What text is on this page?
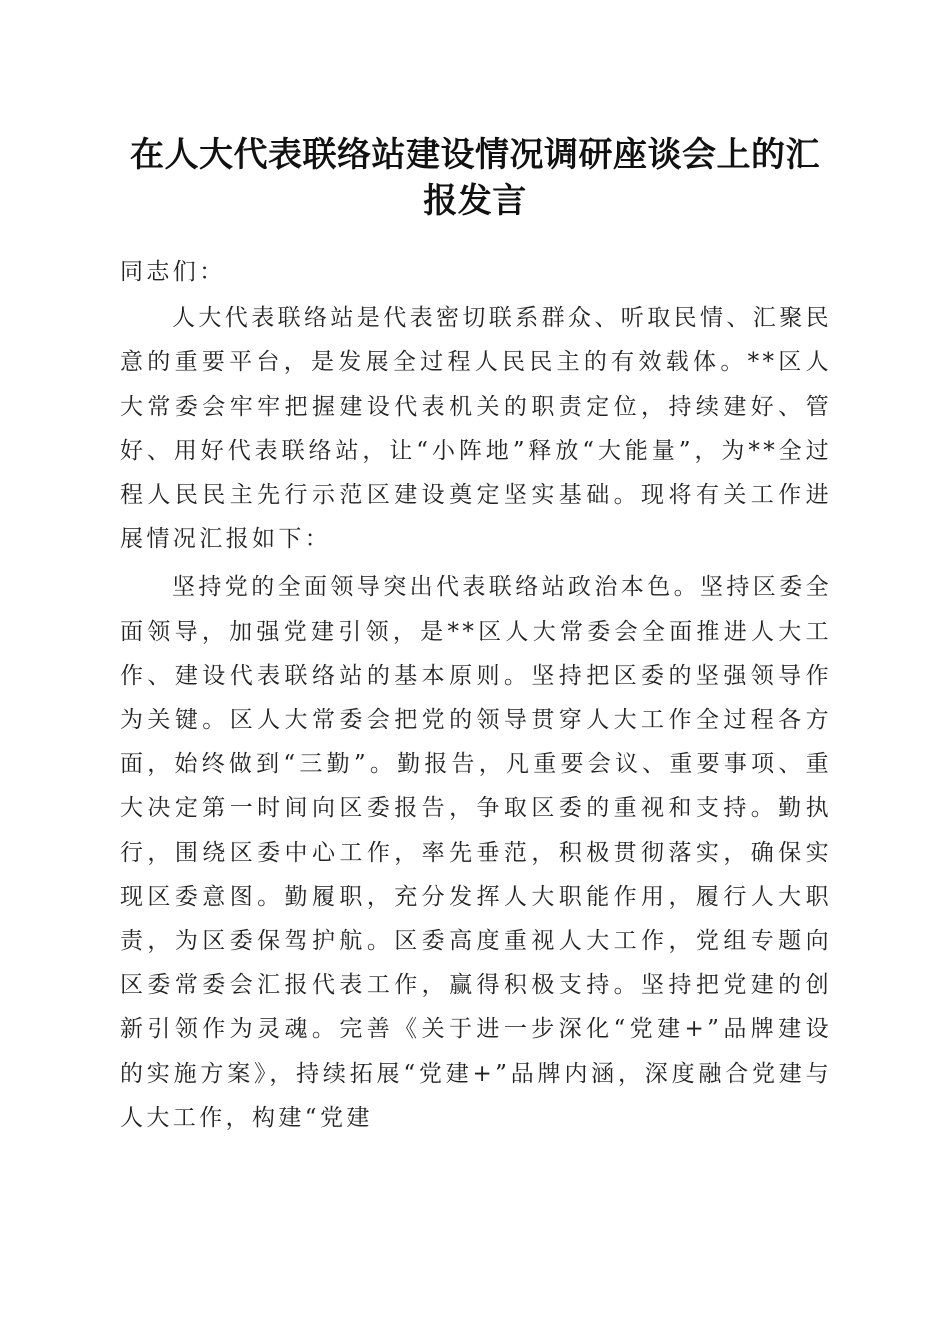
在人大代表联络站建设情况调研座谈会上的汇
报发言

同志们：

人大代表联络站是代表密切联系群众、听取民情、汇聚民意的重要平台，是发展全过程人民民主的有效载体。**区人大常委会牢牢把握建设代表机关的职责定位，持续建好、管好、用好代表联络站，让“小阵地”释放“大能量”，为**全过程人民民主先行示范区建设奠定坚实基础。现将有关工作进展情况汇报如下：

坚持党的全面领导突出代表联络站政治本色。坚持区委全面领导，加强党建引领，是**区人大常委会全面推进人大工作、建设代表联络站的基本原则。坚持把区委的坚强领导作为关键。区人大常委会把党的领导贯穿人大工作全过程各方面，始终做到“三勤”。勤报告，凡重要会议、重要事项、重大决定第一时间向区委报告，争取区委的重视和支持。勤执行，围绕区委中心工作，率先垂范，积极贯彻落实，确保实现区委意图。勤履职，充分发挥人大职能作用，履行人大职责，为区委保驾护航。区委高度重视人大工作，党组专题向区委常委会汇报代表工作，赢得积极支持。坚持把党建的创新引领作为灵魂。完善《关于进一步深化“党建+”品牌建设的实施方案》，持续拓展“党建+”品牌内涵，深度融合党建与人大工作，构建“党建
